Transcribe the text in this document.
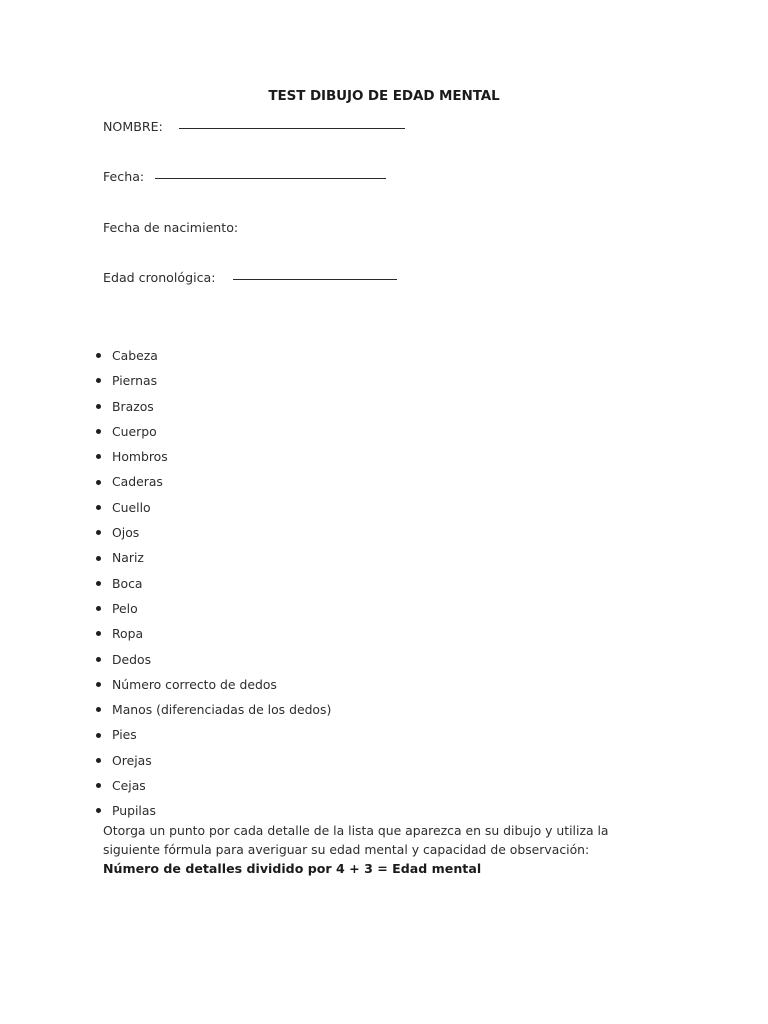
TEST DIBUJO DE EDAD MENTAL
NOMBRE:
Fecha:
Fecha de nacimiento:
Edad cronológica:
Cabeza
Piernas
Brazos
Cuerpo
Hombros
Caderas
Cuello
Ojos
Nariz
Boca
Pelo
Ropa
Dedos
Número correcto de dedos
Manos (diferenciadas de los dedos)
Pies
Orejas
Cejas
Pupilas

Otorga un punto por cada detalle de la lista que aparezca en su dibujo y utiliza la siguiente fórmula para averiguar su edad mental y capacidad de observación:

Número de detalles dividido por 4 + 3 = Edad mental
